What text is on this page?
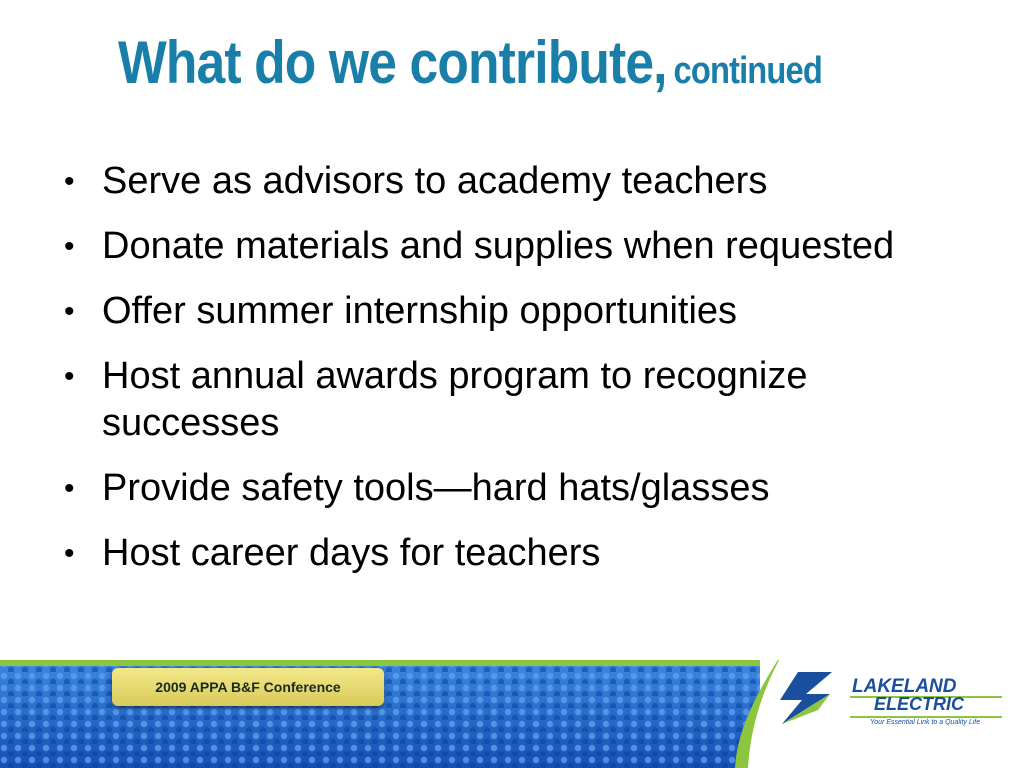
What do we contribute, continued
• Serve as advisors to academy teachers
• Donate materials and supplies when requested
• Offer summer internship opportunities
• Host annual awards program to recognize successes
• Provide safety tools—hard hats/glasses
• Host career days for teachers
2009 APPA B&F Conference	LAKELAND
ELECTRIC
Your Essential Link to a Quality Life
